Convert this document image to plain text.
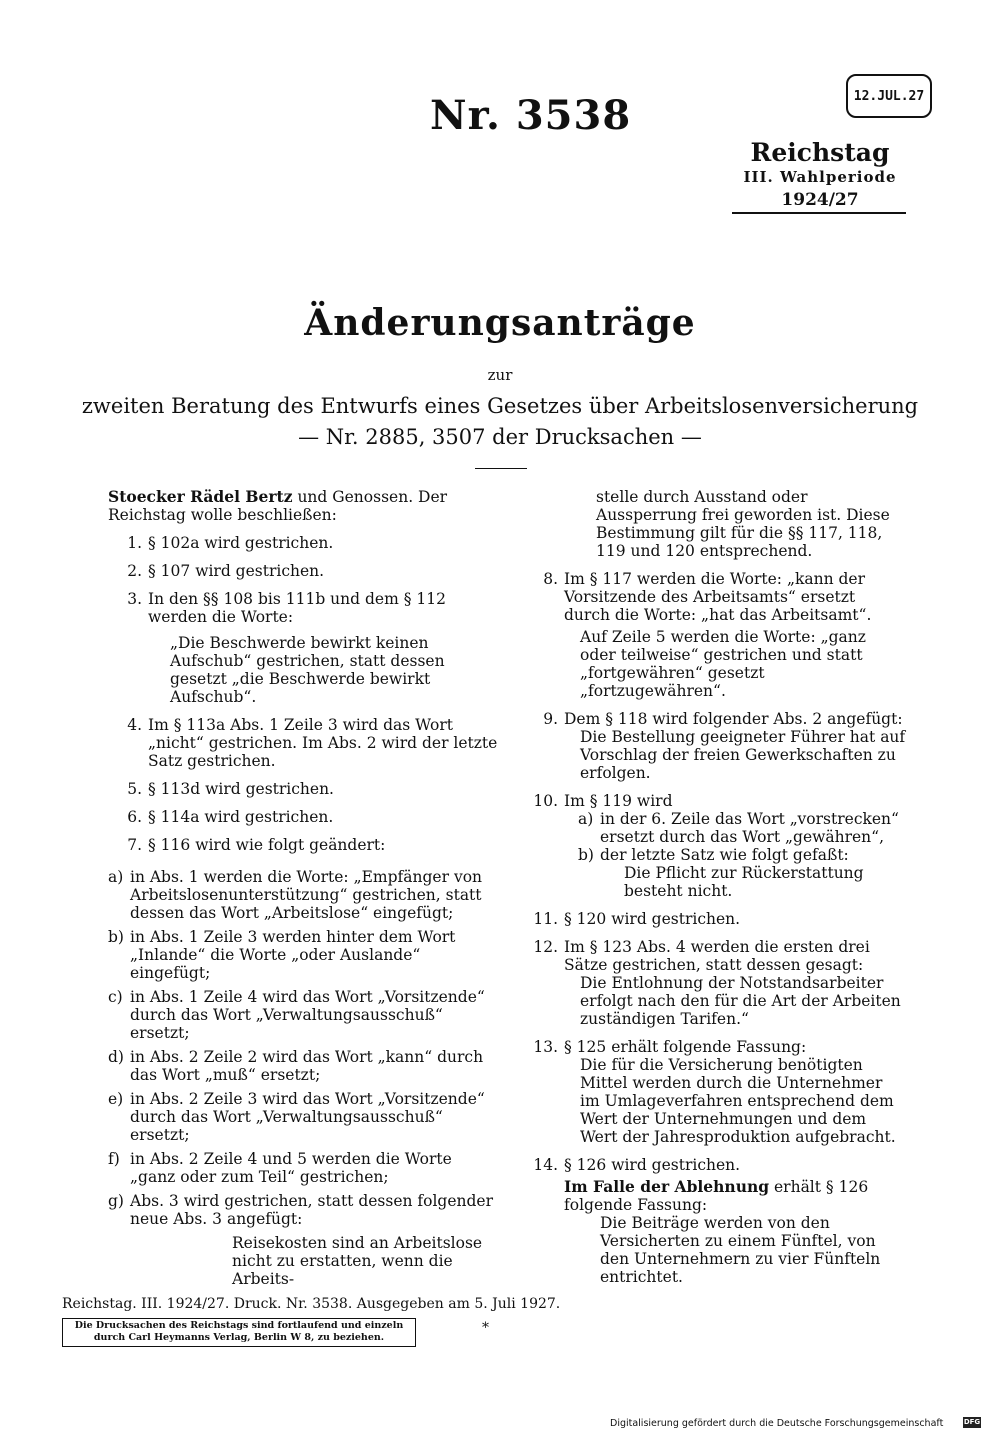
Nr. 3538	12.JUL.27
Reichstag
III. Wahlperiode
1924/27
Änderungsanträge
zur
zweiten Beratung des Entwurfs eines Gesetzes über Arbeitslosenversicherung
— Nr. 2885, 3507 der Drucksachen —

Stoecker Rädel Bertz und Genossen. Der Reichstag wolle beschließen:

1. § 102a wird gestrichen.

2. § 107 wird gestrichen.

3. In den §§ 108 bis 111b und dem § 112 werden die Worte:

„Die Beschwerde bewirkt keinen Aufschub“ gestrichen, statt dessen gesetzt „die Beschwerde bewirkt Aufschub“.

4. Im § 113a Abs. 1 Zeile 3 wird das Wort „nicht“ gestrichen. Im Abs. 2 wird der letzte Satz gestrichen.

5. § 113d wird gestrichen.

6. § 114a wird gestrichen.

7. § 116 wird wie folgt geändert:

a) in Abs. 1 werden die Worte: „Empfänger von Arbeitslosenunterstützung“ gestrichen, statt dessen das Wort „Arbeitslose“ eingefügt;

b) in Abs. 1 Zeile 3 werden hinter dem Wort „Inlande“ die Worte „oder Auslande“ eingefügt;

c) in Abs. 1 Zeile 4 wird das Wort „Vorsitzende“ durch das Wort „Verwaltungsausschuß“ ersetzt;

d) in Abs. 2 Zeile 2 wird das Wort „kann“ durch das Wort „muß“ ersetzt;

e) in Abs. 2 Zeile 3 wird das Wort „Vorsitzende“ durch das Wort „Verwaltungsausschuß“ ersetzt;

f) in Abs. 2 Zeile 4 und 5 werden die Worte „ganz oder zum Teil“ gestrichen;

g) Abs. 3 wird gestrichen, statt dessen folgender neue Abs. 3 angefügt:

Reisekosten sind an Arbeitslose nicht zu erstatten, wenn die Arbeits-

stelle durch Ausstand oder Aussperrung frei geworden ist. Diese Bestimmung gilt für die §§ 117, 118, 119 und 120 entsprechend.

8. Im § 117 werden die Worte: „kann der Vorsitzende des Arbeitsamts“ ersetzt durch die Worte: „hat das Arbeitsamt“.

Auf Zeile 5 werden die Worte: „ganz oder teilweise“ gestrichen und statt „fortgewähren“ gesetzt „fortzugewähren“.

9. Dem § 118 wird folgender Abs. 2 angefügt:

Die Bestellung geeigneter Führer hat auf Vorschlag der freien Gewerkschaften zu erfolgen.

10. Im § 119 wird

a) in der 6. Zeile das Wort „vorstrecken“ ersetzt durch das Wort „gewähren“,

b) der letzte Satz wie folgt gefaßt:

Die Pflicht zur Rückerstattung besteht nicht.

11. § 120 wird gestrichen.

12. Im § 123 Abs. 4 werden die ersten drei Sätze gestrichen, statt dessen gesagt:

Die Entlohnung der Notstandsarbeiter erfolgt nach den für die Art der Arbeiten zuständigen Tarifen.“

13. § 125 erhält folgende Fassung:

Die für die Versicherung benötigten Mittel werden durch die Unternehmer im Umlageverfahren entsprechend dem Wert der Unternehmungen und dem Wert der Jahresproduktion aufgebracht.

14. § 126 wird gestrichen.

Im Falle der Ablehnung erhält § 126 folgende Fassung:

Die Beiträge werden von den Versicherten zu einem Fünftel, von den Unternehmern zu vier Fünfteln entrichtet.

Reichstag. III. 1924/27. Druck. Nr. 3538. Ausgegeben am 5. Juli 1927.
Die Drucksachen des Reichstags sind fortlaufend und einzeln
durch Carl Heymanns Verlag, Berlin W 8, zu beziehen.
*
Digitalisierung gefördert durch die Deutsche Forschungsgemeinschaft	DFG
